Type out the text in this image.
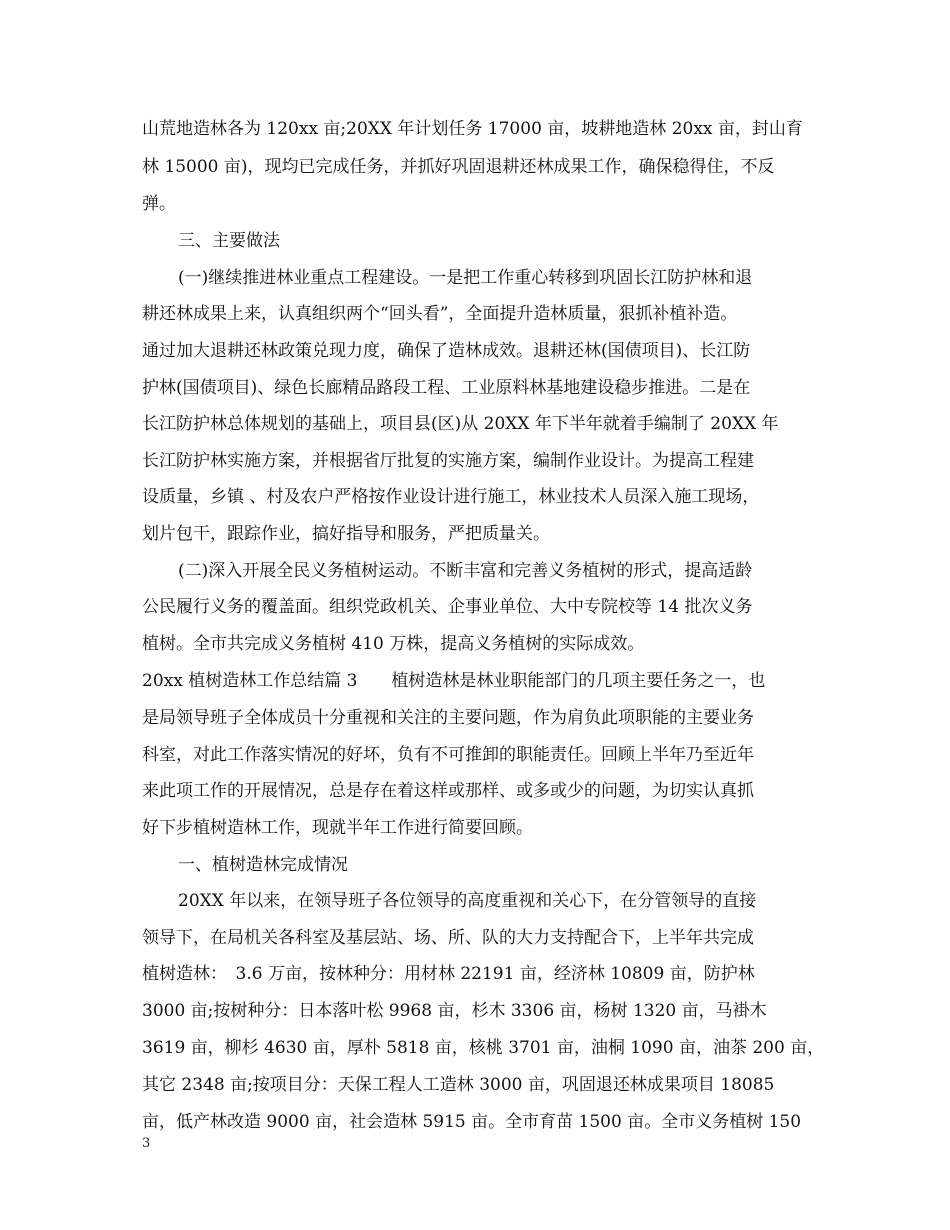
山荒地造林各为 120xx 亩;20XX 年计划任务 17000 亩，坡耕地造林 20xx 亩，封山育
林 15000 亩)，现均已完成任务，并抓好巩固退耕还林成果工作，确保稳得住，不反
弹。
三、主要做法
(一)继续推进林业重点工程建设。一是把工作重心转移到巩固长江防护林和退
耕还林成果上来，认真组织两个“回头看”，全面提升造林质量，狠抓补植补造。
通过加大退耕还林政策兑现力度，确保了造林成效。退耕还林(国债项目)、长江防
护林(国债项目)、绿色长廊精品路段工程、工业原料林基地建设稳步推进。二是在
长江防护林总体规划的基础上，项目县(区)从 20XX 年下半年就着手编制了 20XX 年
长江防护林实施方案，并根据省厅批复的实施方案，编制作业设计。为提高工程建
设质量，乡镇 、村及农户严格按作业设计进行施工，林业技术人员深入施工现场，
划片包干，跟踪作业，搞好指导和服务，严把质量关。
(二)深入开展全民义务植树运动。不断丰富和完善义务植树的形式，提高适龄
公民履行义务的覆盖面。组织党政机关、企事业单位、大中专院校等 14 批次义务
植树。全市共完成义务植树 410 万株，提高义务植树的实际成效。
20xx 植树造林工作总结篇 3　　植树造林是林业职能部门的几项主要任务之一，也
是局领导班子全体成员十分重视和关注的主要问题，作为肩负此项职能的主要业务
科室，对此工作落实情况的好坏，负有不可推卸的职能责任。回顾上半年乃至近年
来此项工作的开展情况，总是存在着这样或那样、或多或少的问题，为切实认真抓
好下步植树造林工作，现就半年工作进行简要回顾。
一、植树造林完成情况
20XX 年以来，在领导班子各位领导的高度重视和关心下，在分管领导的直接
领导下，在局机关各科室及基层站、场、所、队的大力支持配合下，上半年共完成
植树造林：　3.6 万亩，按林种分：用材林 22191 亩，经济林 10809 亩，防护林
3000 亩;按树种分：日本落叶松 9968 亩，杉木 3306 亩，杨树 1320 亩，马褂木
3619 亩，柳杉 4630 亩，厚朴 5818 亩，核桃 3701 亩，油桐 1090 亩，油茶 200 亩，
其它 2348 亩;按项目分：天保工程人工造林 3000 亩，巩固退还林成果项目 18085
亩，低产林改造 9000 亩，社会造林 5915 亩。全市育苗 1500 亩。全市义务植树 150
3
